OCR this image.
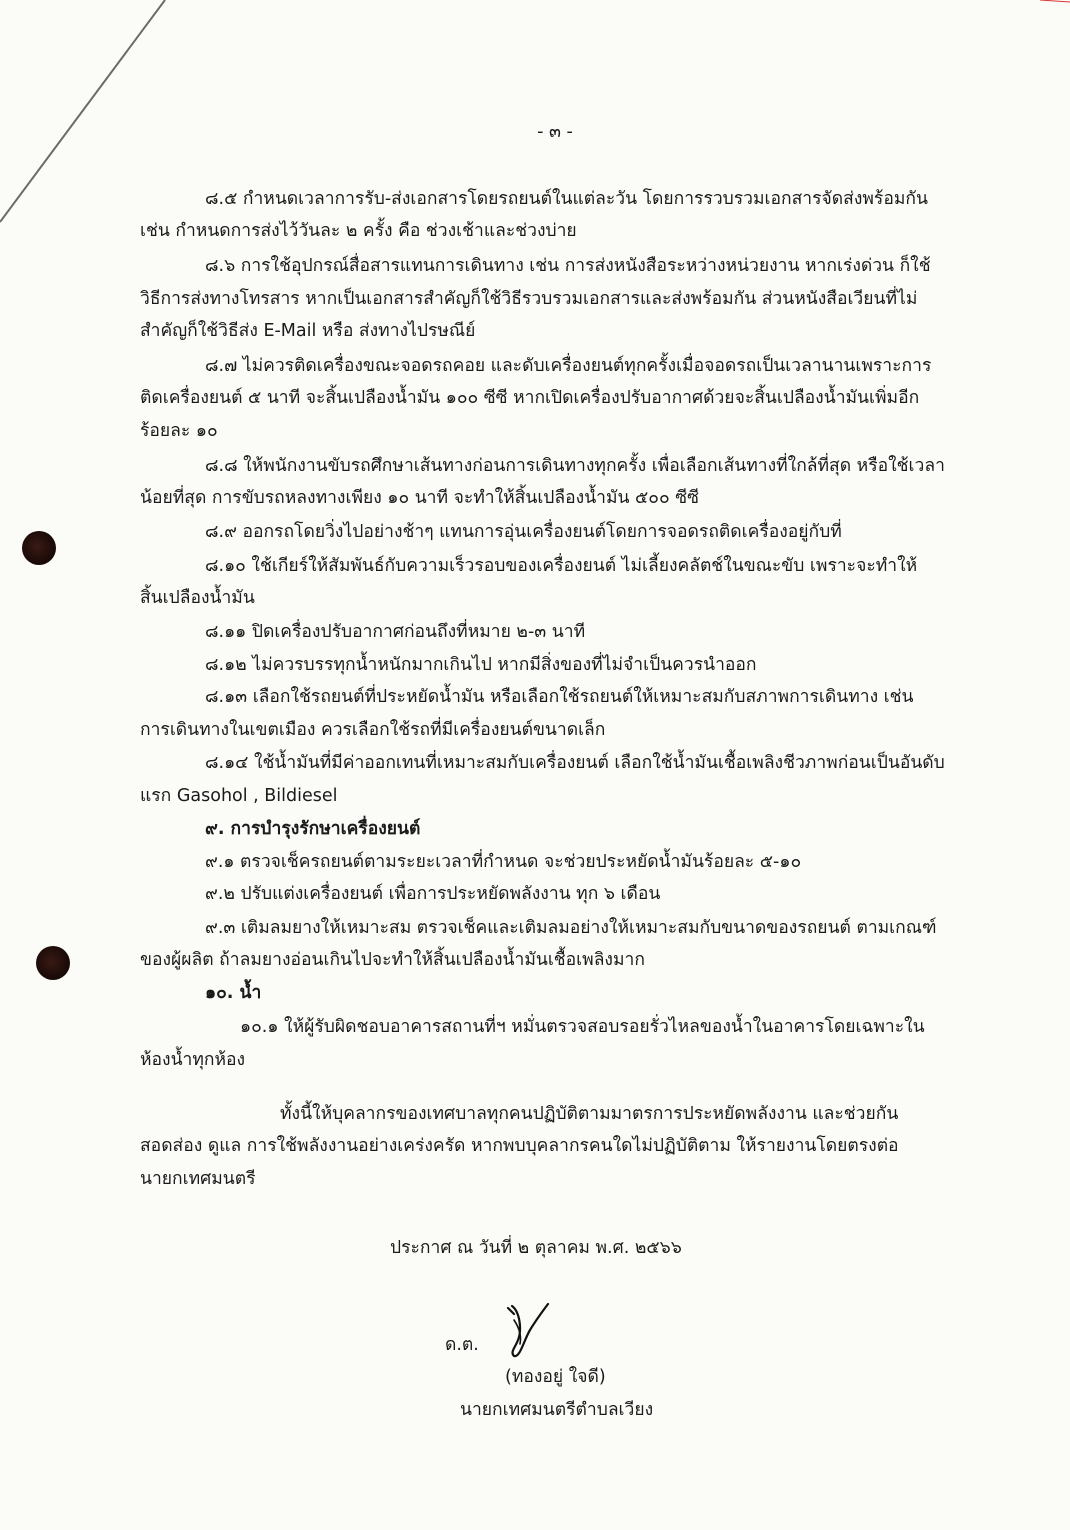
- ๓ -
๘.๕ กำหนดเวลาการรับ-ส่งเอกสารโดยรถยนต์ในแต่ละวัน โดยการรวบรวมเอกสารจัดส่งพร้อมกัน
เช่น กำหนดการส่งไว้วันละ ๒ ครั้ง คือ ช่วงเช้าและช่วงบ่าย
๘.๖ การใช้อุปกรณ์สื่อสารแทนการเดินทาง เช่น การส่งหนังสือระหว่างหน่วยงาน หากเร่งด่วน ก็ใช้
วิธีการส่งทางโทรสาร หากเป็นเอกสารสำคัญก็ใช้วิธีรวบรวมเอกสารและส่งพร้อมกัน ส่วนหนังสือเวียนที่ไม่
สำคัญก็ใช้วิธีส่ง E-Mail หรือ ส่งทางไปรษณีย์
๘.๗ ไม่ควรติดเครื่องขณะจอดรถคอย และดับเครื่องยนต์ทุกครั้งเมื่อจอดรถเป็นเวลานานเพราะการ
ติดเครื่องยนต์ ๕ นาที จะสิ้นเปลืองน้ำมัน ๑๐๐ ซีซี หากเปิดเครื่องปรับอากาศด้วยจะสิ้นเปลืองน้ำมันเพิ่มอีก
ร้อยละ ๑๐
๘.๘ ให้พนักงานขับรถศึกษาเส้นทางก่อนการเดินทางทุกครั้ง เพื่อเลือกเส้นทางที่ใกล้ที่สุด หรือใช้เวลา
น้อยที่สุด การขับรถหลงทางเพียง ๑๐ นาที จะทำให้สิ้นเปลืองน้ำมัน ๕๐๐ ซีซี
๘.๙ ออกรถโดยวิ่งไปอย่างช้าๆ แทนการอุ่นเครื่องยนต์โดยการจอดรถติดเครื่องอยู่กับที่
๘.๑๐ ใช้เกียร์ให้สัมพันธ์กับความเร็วรอบของเครื่องยนต์ ไม่เลี้ยงคลัตช์ในขณะขับ เพราะจะทำให้
สิ้นเปลืองน้ำมัน
๘.๑๑ ปิดเครื่องปรับอากาศก่อนถึงที่หมาย ๒-๓ นาที
๘.๑๒ ไม่ควรบรรทุกน้ำหนักมากเกินไป หากมีสิ่งของที่ไม่จำเป็นควรนำออก
๘.๑๓ เลือกใช้รถยนต์ที่ประหยัดน้ำมัน หรือเลือกใช้รถยนต์ให้เหมาะสมกับสภาพการเดินทาง เช่น
การเดินทางในเขตเมือง ควรเลือกใช้รถที่มีเครื่องยนต์ขนาดเล็ก
๘.๑๔ ใช้น้ำมันที่มีค่าออกเทนที่เหมาะสมกับเครื่องยนต์ เลือกใช้น้ำมันเชื้อเพลิงชีวภาพก่อนเป็นอันดับ
แรก Gasohol , Bildiesel
๙. การบำรุงรักษาเครื่องยนต์
๙.๑ ตรวจเช็ครถยนต์ตามระยะเวลาที่กำหนด จะช่วยประหยัดน้ำมันร้อยละ ๕-๑๐
๙.๒ ปรับแต่งเครื่องยนต์ เพื่อการประหยัดพลังงาน ทุก ๖ เดือน
๙.๓ เติมลมยางให้เหมาะสม ตรวจเช็คและเติมลมอย่างให้เหมาะสมกับขนาดของรถยนต์ ตามเกณฑ์
ของผู้ผลิต ถ้าลมยางอ่อนเกินไปจะทำให้สิ้นเปลืองน้ำมันเชื้อเพลิงมาก
๑๐. น้ำ
๑๐.๑ ให้ผู้รับผิดชอบอาคารสถานที่ฯ หมั่นตรวจสอบรอยรั่วไหลของน้ำในอาคารโดยเฉพาะใน
ห้องน้ำทุกห้อง
ทั้งนี้ให้บุคลากรของเทศบาลทุกคนปฏิบัติตามมาตรการประหยัดพลังงาน และช่วยกัน
สอดส่อง ดูแล การใช้พลังงานอย่างเคร่งครัด หากพบบุคลากรคนใดไม่ปฏิบัติตาม ให้รายงานโดยตรงต่อ
นายกเทศมนตรี
ประกาศ ณ วันที่ ๒ ตุลาคม พ.ศ. ๒๕๖๖
ด.ต.
(ทองอยู่ ใจดี)
นายกเทศมนตรีตำบลเวียง
